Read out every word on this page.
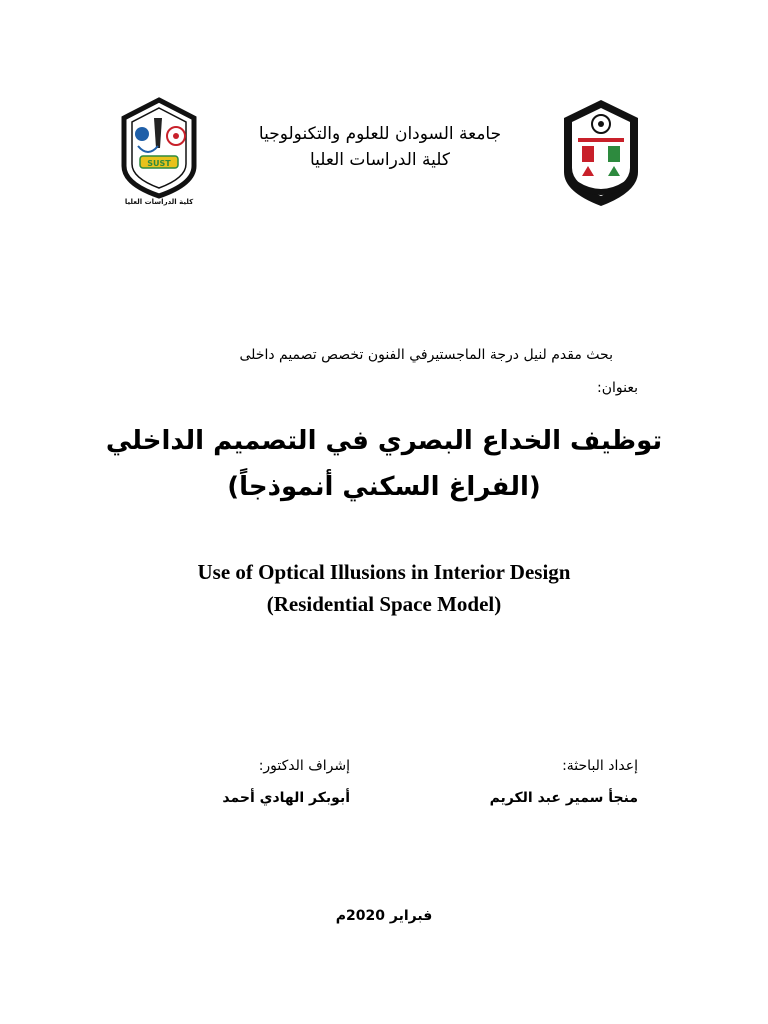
SUST
كلية الدراسات العليا
جامعة السودان للعلوم والتكنولوجيا
كلية الدراسات العليا
بحث مقدم لنيل درجة الماجستيرفي الفنون تخصص تصميم داخلى
بعنوان:
توظيف الخداع البصري في التصميم الداخلي
(الفراغ السكني أنموذجاً)
Use of Optical Illusions in Interior Design
(Residential Space Model)
إعداد الباحثة:
منجأ سمير عبد الكريم
إشراف الدكتور:
أبوبكر الهادي أحمد
فبراير 2020م
